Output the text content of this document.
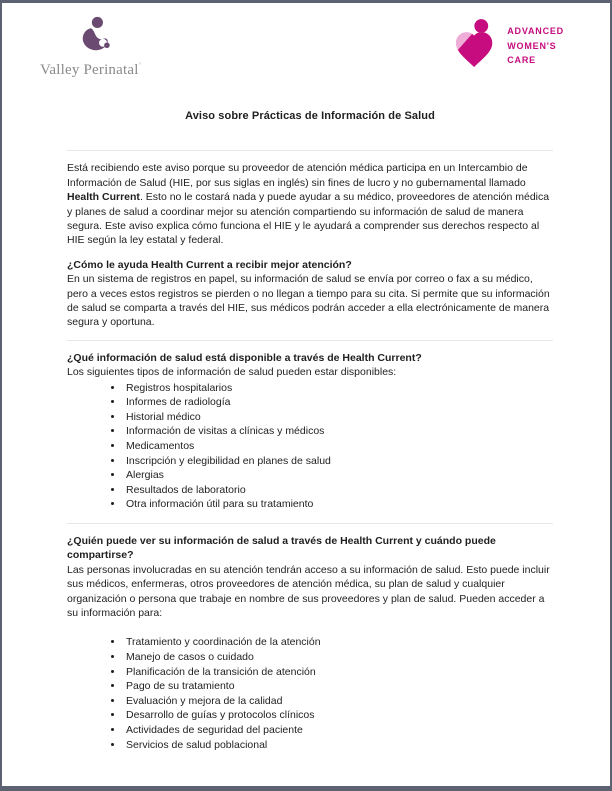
Valley Perinatal$^ʼ$
ADVANCED
WOMEN'S
CARE
Aviso sobre Prácticas de Información de Salud

Está recibiendo este aviso porque su proveedor de atención médica participa en un Intercambio de Información de Salud (HIE, por sus siglas en inglés) sin fines de lucro y no gubernamental llamado Health Current. Esto no le costará nada y puede ayudar a su médico, proveedores de atención médica y planes de salud a coordinar mejor su atención compartiendo su información de salud de manera segura. Este aviso explica cómo funciona el HIE y le ayudará a comprender sus derechos respecto al HIE según la ley estatal y federal.

¿Cómo le ayuda Health Current a recibir mejor atención?

En un sistema de registros en papel, su información de salud se envía por correo o fax a su médico, pero a veces estos registros se pierden o no llegan a tiempo para su cita. Si permite que su información de salud se comparta a través del HIE, sus médicos podrán acceder a ella electrónicamente de manera segura y oportuna.

¿Qué información de salud está disponible a través de Health Current?

Los siguientes tipos de información de salud pueden estar disponibles:

• Registros hospitalarios
• Informes de radiología
• Historial médico
• Información de visitas a clínicas y médicos
• Medicamentos
• Inscripción y elegibilidad en planes de salud
• Alergias
• Resultados de laboratorio
• Otra información útil para su tratamiento

¿Quién puede ver su información de salud a través de Health Current y cuándo puede compartirse?

Las personas involucradas en su atención tendrán acceso a su información de salud. Esto puede incluir sus médicos, enfermeras, otros proveedores de atención médica, su plan de salud y cualquier organización o persona que trabaje en nombre de sus proveedores y plan de salud. Pueden acceder a su información para:

• Tratamiento y coordinación de la atención
• Manejo de casos o cuidado
• Planificación de la transición de atención
• Pago de su tratamiento
• Evaluación y mejora de la calidad
• Desarrollo de guías y protocolos clínicos
• Actividades de seguridad del paciente
• Servicios de salud poblacional
